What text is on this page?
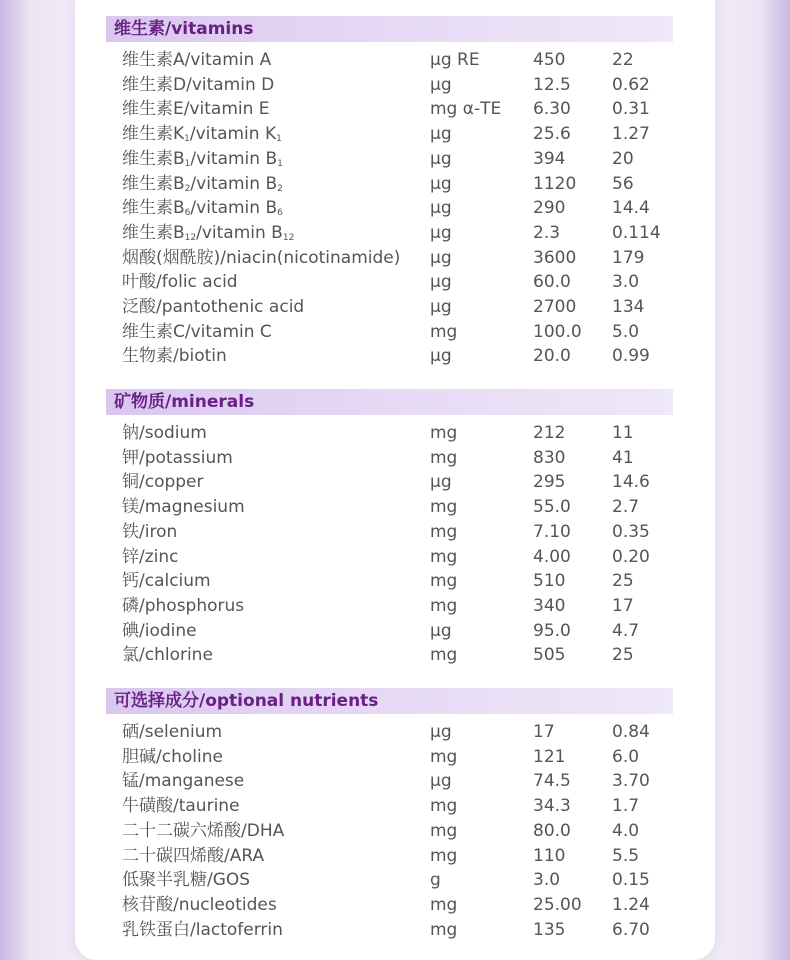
维生素/vitamins
维生素A/vitamin A	μg RE	450	22
维生素D/vitamin D	μg	12.5 0.62
维生素E/vitamin E	mg α-TE 6.30 0.31
维生素$K_1$/vitamin $K_1$	μg	25.6 1.27
维生素$B_1$/vitamin $B_1$	μg	394	20
维生素$B_2$/vitamin $B_2$	μg	1120 56
维生素$B_6$/vitamin $B_6$	μg	290	14.4
维生素$B_{12}$/vitamin $B_{12}$	μg	2.3	0.114
烟酸(烟酰胺)/niacin(nicotinamide) μg	3600 179
叶酸/folic acid	μg	60.0 3.0
泛酸/pantothenic acid	μg	2700 134
维生素C/vitamin C	mg	100.0 5.0
生物素/biotin	μg	20.0 0.99
矿物质/minerals
钠/sodium	mg	212	11
钾/potassium	mg	830	41
铜/copper	μg	295	14.6
镁/magnesium	mg	55.0 2.7
铁/iron	mg	7.10 0.35
锌/zinc	mg	4.00 0.20
钙/calcium	mg	510	25
磷/phosphorus	mg	340	17
碘/iodine	μg	95.0 4.7
氯/chlorine	mg	505	25
可选择成分/optional nutrients
硒/selenium	μg	17	0.84
胆碱/choline	mg	121	6.0
锰/manganese	μg	74.5 3.70
牛磺酸/taurine	mg	34.3 1.7
二十二碳六烯酸/DHA	mg	80.0 4.0
二十碳四烯酸/ARA	mg	110	5.5
低聚半乳糖/GOS	g	3.0	0.15
核苷酸/nucleotides	mg	25.00 1.24
乳铁蛋白/lactoferrin	mg	135	6.70
